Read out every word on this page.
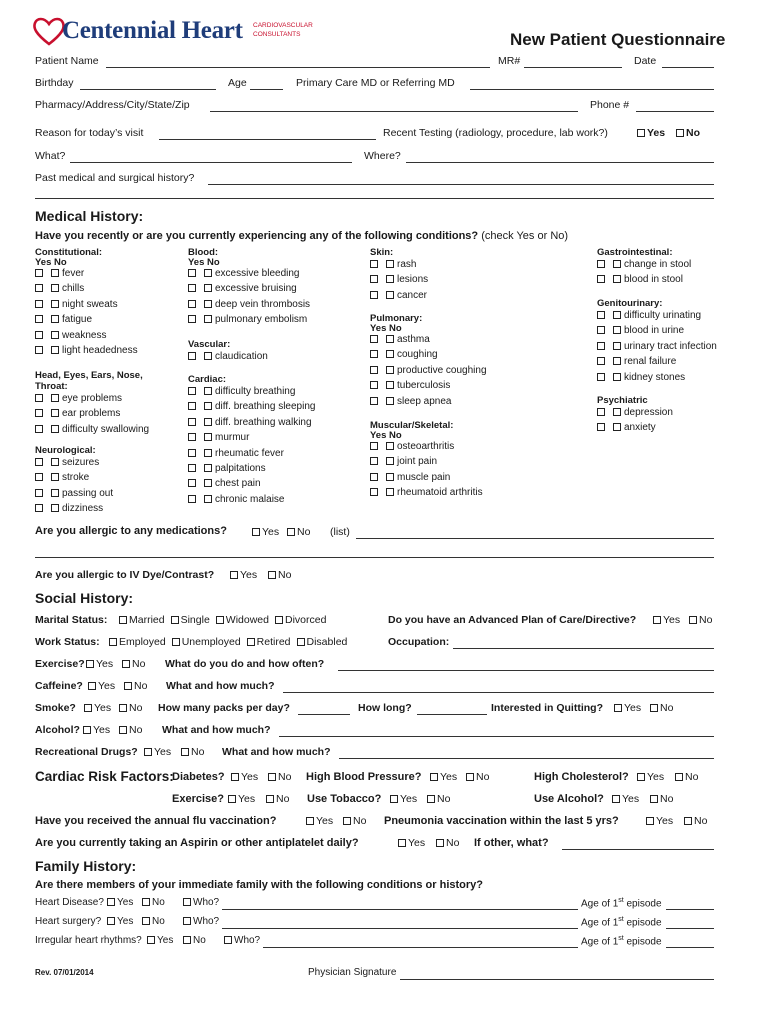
Centennial Heart CARDIOVASCULAR
CONSULTANTS	New Patient Questionnaire
Patient Name	MR#	Date
Birthday	Age	Primary Care MD or Referring MD
Pharmacy/Address/City/State/Zip	Phone #
Reason for today’s visit	Recent Testing (radiology, procedure, lab work?)	Yes	No
What?	Where?
Past medical and surgical history?
Medical History:
Have you recently or are you currently experiencing any of the following conditions? (check Yes or No)
Constitutional:
Yes No
fever
chills
night sweats
fatigue
weakness
light headedness
Head, Eyes, Ears, Nose, Throat:
eye problems
ear problems
difficulty swallowing
Neurological:
seizures
stroke
passing out
dizziness
Blood:
Yes No
excessive bleeding
excessive bruising
deep vein thrombosis
pulmonary embolism
Vascular:
claudication
Cardiac:
difficulty breathing
diff. breathing sleeping
diff. breathing walking
murmur
rheumatic fever
palpitations
chest pain
chronic malaise
Skin:
rash
lesions
cancer
Pulmonary:
Yes No
asthma
coughing
productive coughing
tuberculosis
sleep apnea
Muscular/Skeletal:
Yes No
osteoarthritis
joint pain
muscle pain
rheumatoid arthritis
Gastrointestinal:
change in stool
blood in stool
Genitourinary:
difficulty urinating
blood in urine
urinary tract infection
renal failure
kidney stones
Psychiatric
depression
anxiety
Are you allergic to any medications?	Yes	No (list)
Are you allergic to IV Dye/Contrast?	Yes	No
Social History:
Marital Status:	Married Single Widowed Divorced	Do you have an Advanced Plan of Care/Directive?	Yes	No
Work Status:	Employed Unemployed Retired Disabled	Occupation:
Exercise?	Yes	No What do you do and how often?
Caffeine?	Yes	No What and how much?
Smoke?	Yes	No How many packs per day?	How long?	Interested in Quitting?	Yes	No
Alcohol?	Yes	No What and how much?
Recreational Drugs?	Yes	No What and how much?
Cardiac Risk Factors:
Diabetes?	Yes	No High Blood Pressure?	Yes	No	High Cholesterol?	Yes	No
Exercise?	Yes	No Use Tobacco?	Yes	No	Use Alcohol?	Yes	No
Have you received the annual flu vaccination?	Yes	No Pneumonia vaccination within the last 5 yrs?	Yes	No
Are you currently taking an Aspirin or other antiplatelet daily?	Yes	No If other, what?
Family History:
Are there members of your immediate family with the following conditions or history?
Heart Disease?	Yes	No	Who?	Age of 1st episode
Heart surgery?	Yes	No	Who?	Age of 1st episode
Irregular heart rhythms?	Yes	No	Who?	Age of 1st episode
Rev. 07/01/2014	Physician Signature
